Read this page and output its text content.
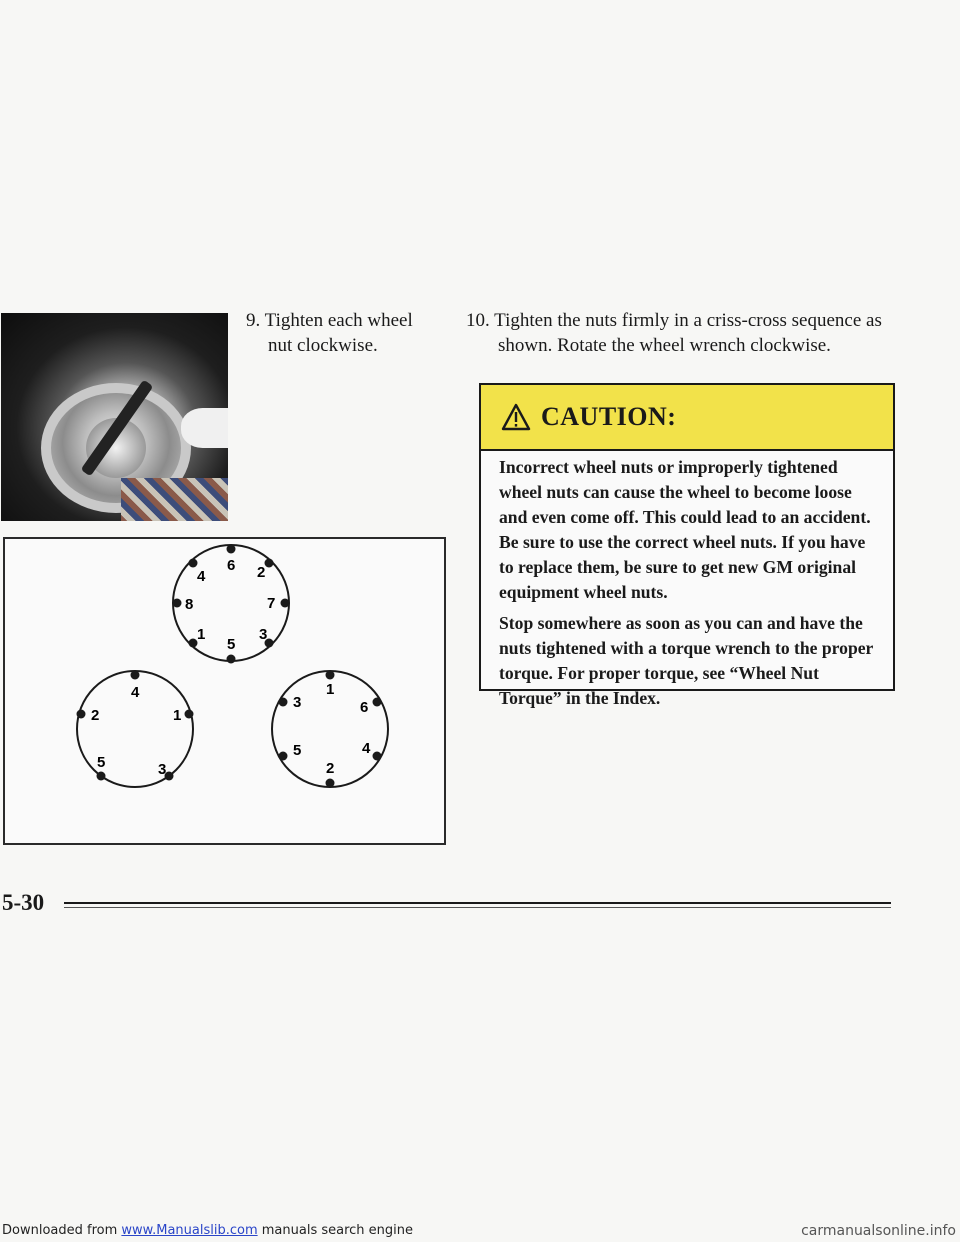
9. Tighten each wheel
nut clockwise.
10. Tighten the nuts firmly in a criss-cross sequence as
shown. Rotate the wheel wrench clockwise.
6 2
7
3
5
1
8
4
4
1
3
5
2
1
6
4
2
5
3
CAUTION:

Incorrect wheel nuts or improperly tightened wheel nuts can cause the wheel to become loose and even come off. This could lead to an accident. Be sure to use the correct wheel nuts. If you have to replace them, be sure to get new GM original equipment wheel nuts.

Stop somewhere as soon as you can and have the nuts tightened with a torque wrench to the proper torque. For proper torque, see “Wheel Nut Torque” in the Index.

5-30
Downloaded from www.Manualslib.com manuals search engine	carmanualsonline.info
